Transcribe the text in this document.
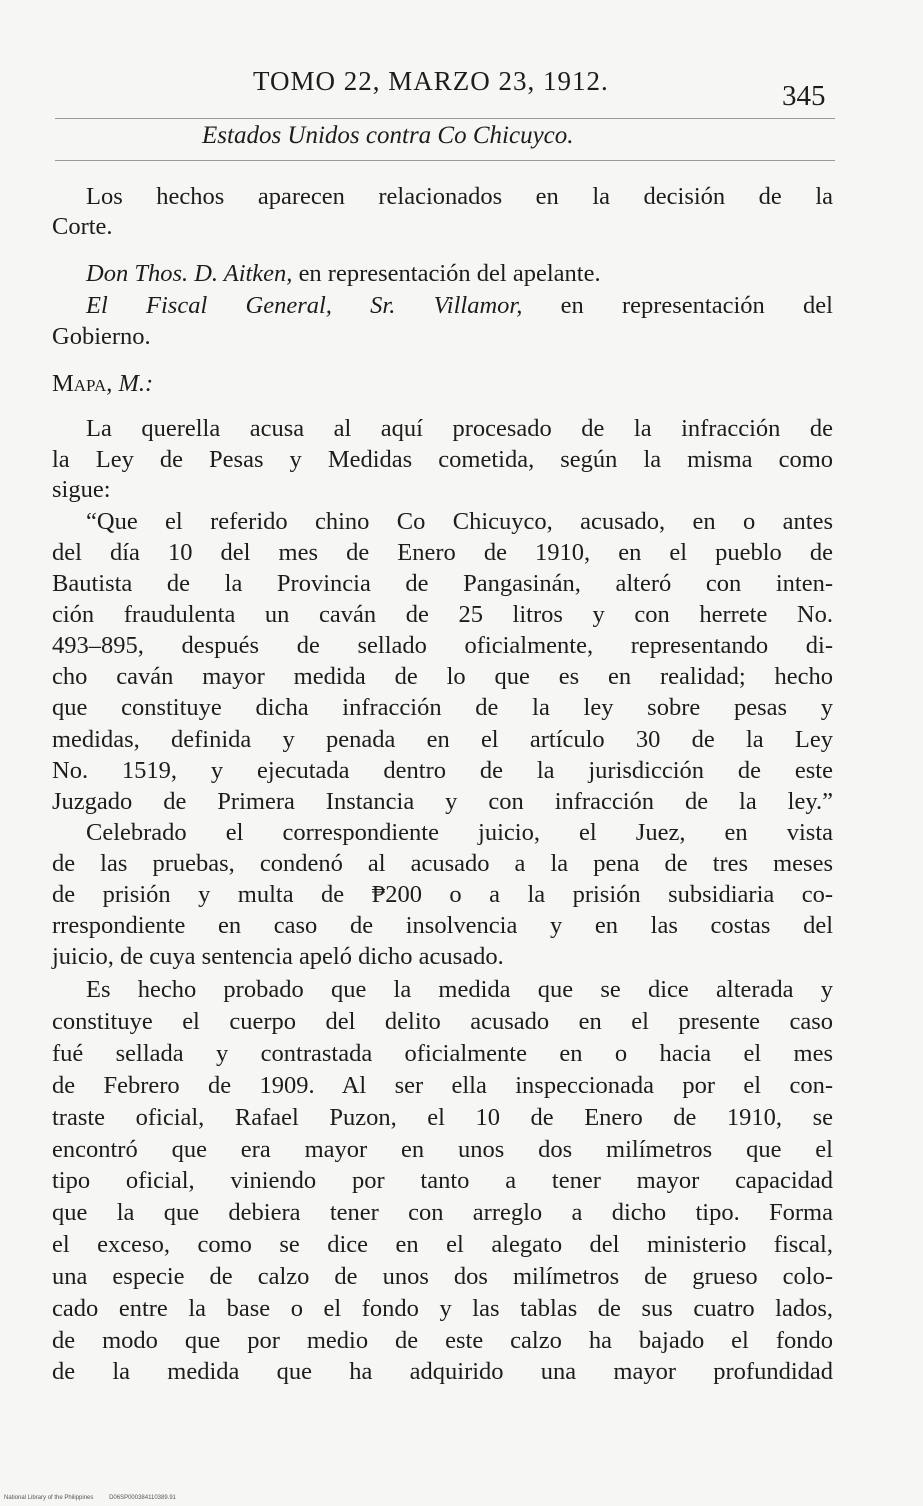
TOMO 22, MARZO 23, 1912.	345
Estados Unidos contra Co Chicuyco.
Los hechos aparecen relacionados en la decisión de la
Corte.
Don Thos. D. Aitken, en representación del apelante.
El Fiscal General, Sr. Villamor, en representación del
Gobierno.
Mapa, M.:
La querella acusa al aquí procesado de la infracción de
la Ley de Pesas y Medidas cometida, según la misma como
sigue:
“Que el referido chino Co Chicuyco, acusado, en o antes
del día 10 del mes de Enero de 1910, en el pueblo de
Bautista de la Provincia de Pangasinán, alteró con inten-
ción fraudulenta un caván de 25 litros y con herrete No.
493–895, después de sellado oficialmente, representando di-
cho caván mayor medida de lo que es en realidad; hecho
que constituye dicha infracción de la ley sobre pesas y
medidas, definida y penada en el artículo 30 de la Ley
No. 1519, y ejecutada dentro de la jurisdicción de este
Juzgado de Primera Instancia y con infracción de la ley.”
Celebrado el correspondiente juicio, el Juez, en vista
de las pruebas, condenó al acusado a la pena de tres meses
de prisión y multa de ₱200 o a la prisión subsidiaria co-
rrespondiente en caso de insolvencia y en las costas del
juicio, de cuya sentencia apeló dicho acusado.
Es hecho probado que la medida que se dice alterada y
constituye el cuerpo del delito acusado en el presente caso
fué sellada y contrastada oficialmente en o hacia el mes
de Febrero de 1909. Al ser ella inspeccionada por el con-
traste oficial, Rafael Puzon, el 10 de Enero de 1910, se
encontró que era mayor en unos dos milímetros que el
tipo oficial, viniendo por tanto a tener mayor capacidad
que la que debiera tener con arreglo a dicho tipo. Forma
el exceso, como se dice en el alegato del ministerio fiscal,
una especie de calzo de unos dos milímetros de grueso colo-
cado entre la base o el fondo y las tablas de sus cuatro lados,
de modo que por medio de este calzo ha bajado el fondo
de la medida que ha adquirido una mayor profundidad
National Library of the Philippines	D06SP000384110389.91
